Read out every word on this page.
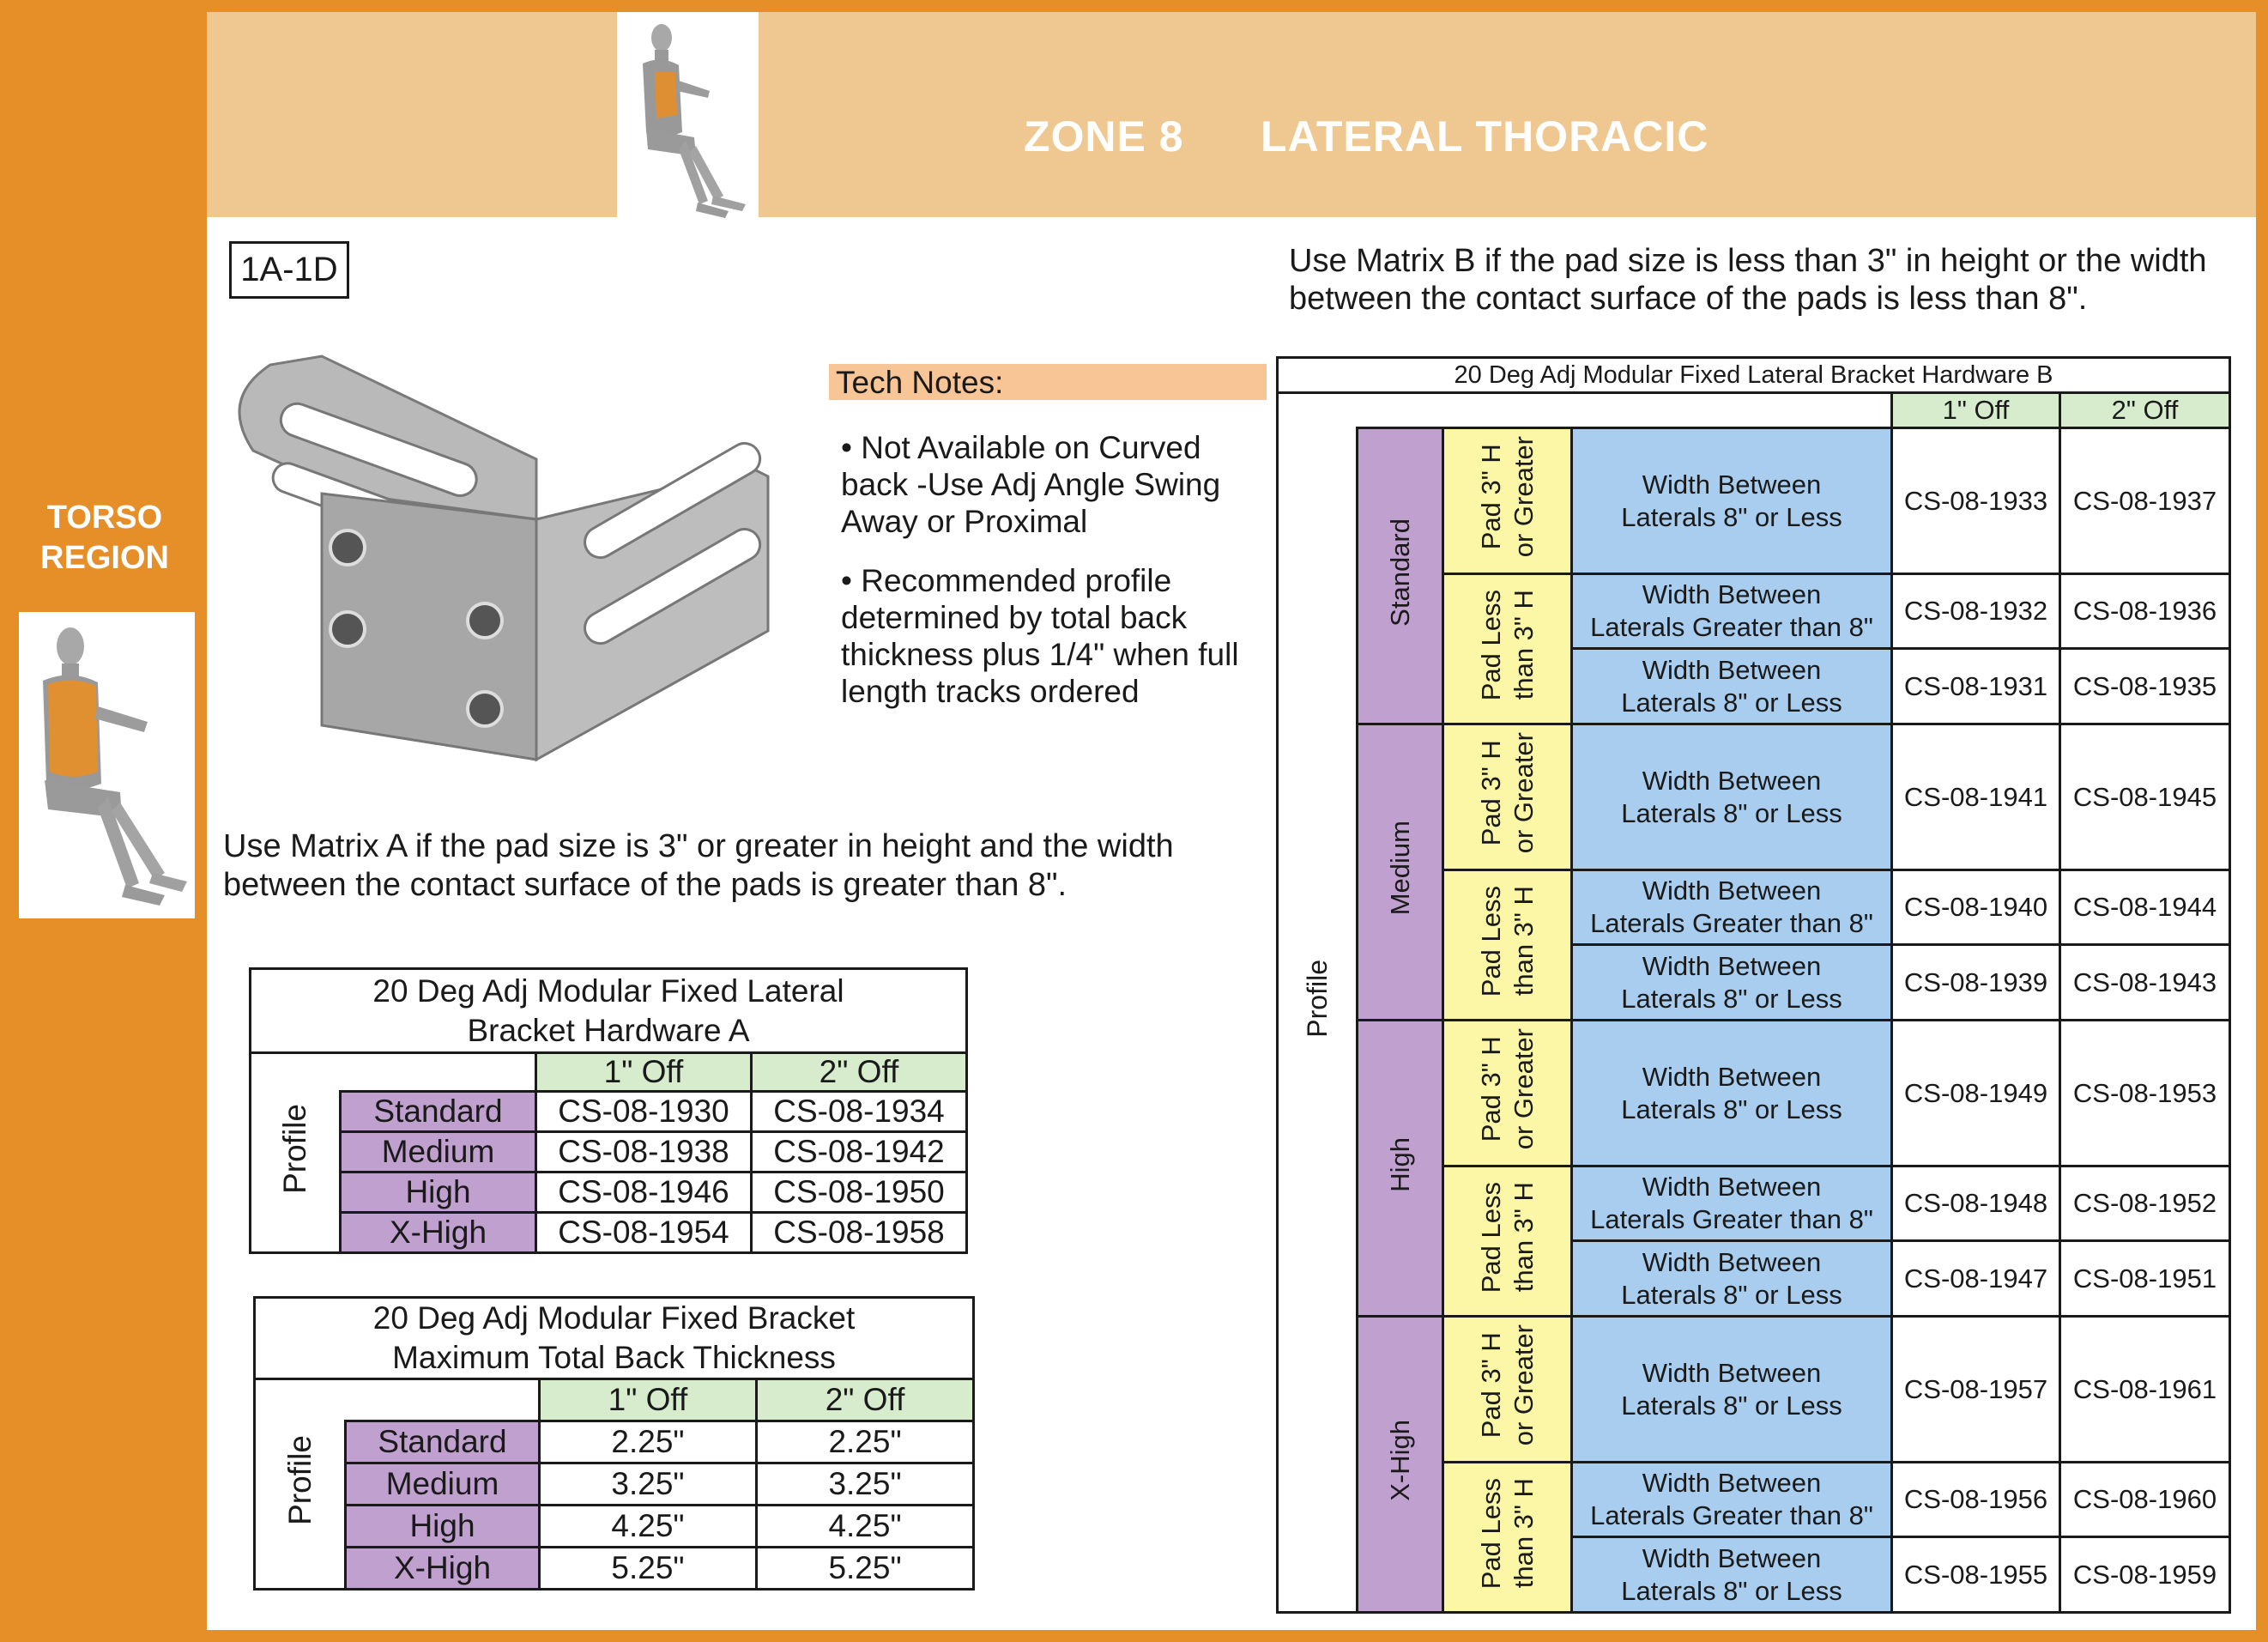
ZONE 8 LATERAL THORACIC
TORSO REGION
1A-1D	Use Matrix B if the pad size is less than 3" in height or the width between the contact surface of the pads is less than 8".
Use Matrix A if the pad size is 3" or greater in height and the width between the contact surface of the pads is greater than 8".
Tech Notes:
• Not Available on Curved back -Use Adj Angle Swing Away or Proximal
• Recommended profile determined by total back thickness plus 1/4" when full length tracks ordered
20 Deg Adj Modular Fixed Lateral Bracket Hardware A			
Profile		1" Off	2" Off
	Standard	CS-08-1930	CS-08-1934
	Medium	CS-08-1938	CS-08-1942
	High	CS-08-1946	CS-08-1950
	X-High	CS-08-1954	CS-08-1958
20 Deg Adj Modular Fixed Bracket Maximum Total Back Thickness			
Profile		1" Off	2" Off
	Standard	2.25"	2.25"
	Medium	3.25"	3.25"
	High	4.25"	4.25"
	X-High	5.25"	5.25"
20 Deg Adj Modular Fixed Lateral Bracket Hardware B					
Profile				1" Off	2" Off
	Standard	Pad 3" H
or Greater	Width Between
Laterals 8" or Less	CS-08-1933	CS-08-1937
		Pad Less
than 3" H	Width Between
Laterals Greater than 8"	CS-08-1932	CS-08-1936
			Width Between
Laterals 8" or Less	CS-08-1931	CS-08-1935
	Medium	Pad 3" H
or Greater	Width Between
Laterals 8" or Less	CS-08-1941	CS-08-1945
		Pad Less
than 3" H	Width Between
Laterals Greater than 8"	CS-08-1940	CS-08-1944
			Width Between
Laterals 8" or Less	CS-08-1939	CS-08-1943
	High	Pad 3" H
or Greater	Width Between
Laterals 8" or Less	CS-08-1949	CS-08-1953
		Pad Less
than 3" H	Width Between
Laterals Greater than 8"	CS-08-1948	CS-08-1952
			Width Between
Laterals 8" or Less	CS-08-1947	CS-08-1951
	X-High	Pad 3" H
or Greater	Width Between
Laterals 8" or Less	CS-08-1957	CS-08-1961
		Pad Less
than 3" H	Width Between
Laterals Greater than 8"	CS-08-1956	CS-08-1960
			Width Between
Laterals 8" or Less	CS-08-1955	CS-08-1959
